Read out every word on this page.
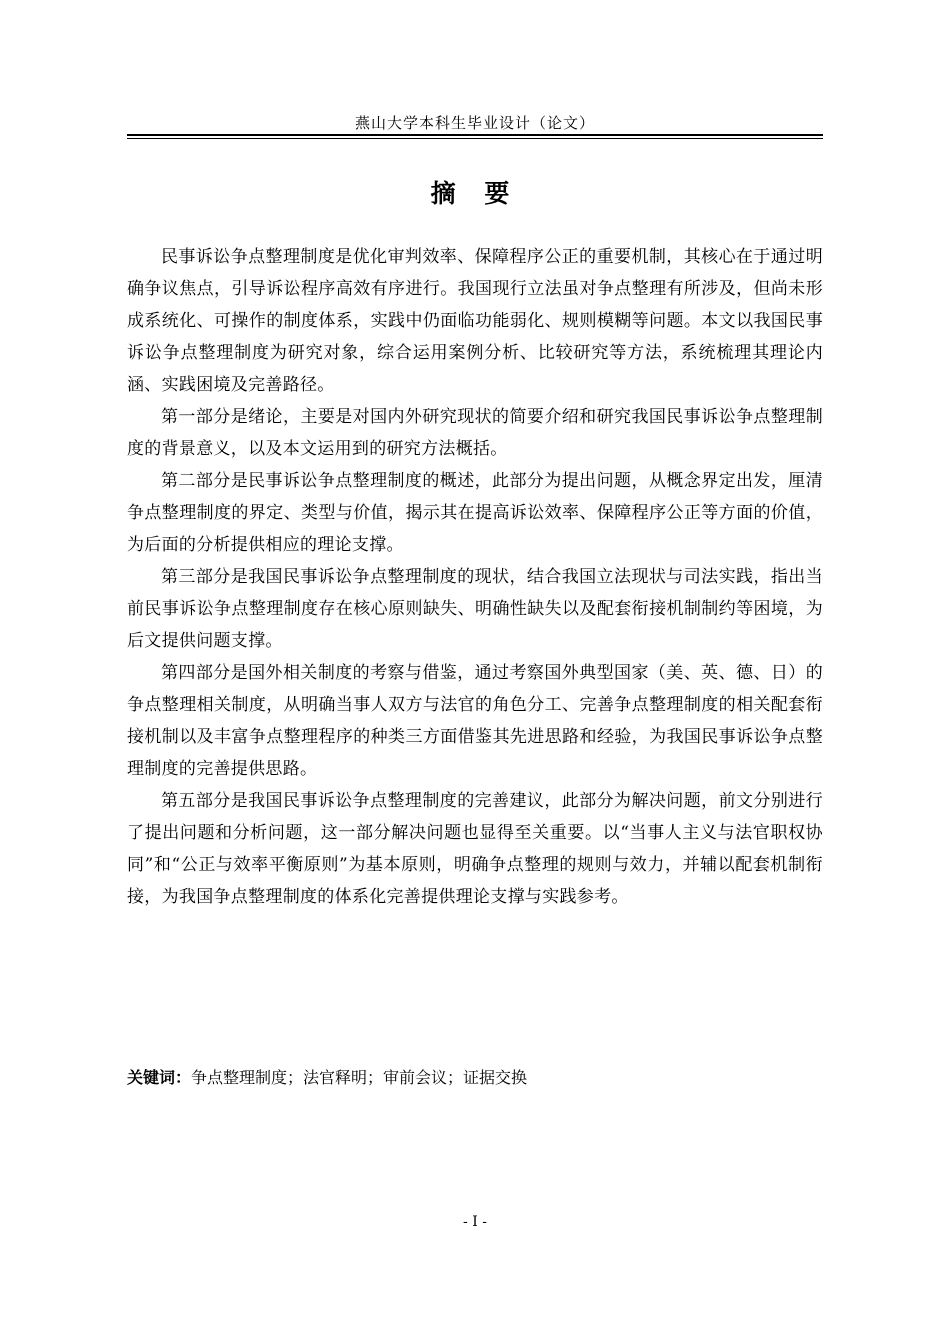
燕山大学本科生毕业设计（论文）
摘 要

民事诉讼争点整理制度是优化审判效率、保障程序公正的重要机制，其核心在于通过明确争议焦点，引导诉讼程序高效有序进行。我国现行立法虽对争点整理有所涉及，但尚未形成系统化、可操作的制度体系，实践中仍面临功能弱化、规则模糊等问题。本文以我国民事诉讼争点整理制度为研究对象，综合运用案例分析、比较研究等方法，系统梳理其理论内涵、实践困境及完善路径。

第一部分是绪论，主要是对国内外研究现状的简要介绍和研究我国民事诉讼争点整理制度的背景意义，以及本文运用到的研究方法概括。

第二部分是民事诉讼争点整理制度的概述，此部分为提出问题，从概念界定出发，厘清争点整理制度的界定、类型与价值，揭示其在提高诉讼效率、保障程序公正等方面的价值，为后面的分析提供相应的理论支撑。

第三部分是我国民事诉讼争点整理制度的现状，结合我国立法现状与司法实践，指出当前民事诉讼争点整理制度存在核心原则缺失、明确性缺失以及配套衔接机制制约等困境，为后文提供问题支撑。

第四部分是国外相关制度的考察与借鉴，通过考察国外典型国家（美、英、德、日）的争点整理相关制度，从明确当事人双方与法官的角色分工、完善争点整理制度的相关配套衔接机制以及丰富争点整理程序的种类三方面借鉴其先进思路和经验，为我国民事诉讼争点整理制度的完善提供思路。

第五部分是我国民事诉讼争点整理制度的完善建议，此部分为解决问题，前文分别进行了提出问题和分析问题，这一部分解决问题也显得至关重要。以“当事人主义与法官职权协同”和“公正与效率平衡原则”为基本原则，明确争点整理的规则与效力，并辅以配套机制衔接，为我国争点整理制度的体系化完善提供理论支撑与实践参考。

关键词：争点整理制度；法官释明；审前会议；证据交换
- I -
